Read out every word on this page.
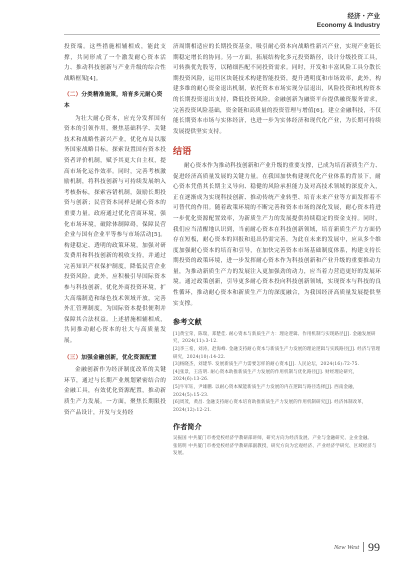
经济・产业
Economy & Industry

投资端。这些措施相辅相成，能此支撑，共同形成了一个激发耐心资本活力、推动科技创新与产业升级的综合性战略框架[4]。

（二）分类精准施策，培育多元耐心资本

为壮大耐心资本，应充分发挥国有资本的引领作用，聚焦基础科学、关键技术和战略性新兴产业，优化布局以服务国家战略目标。探索设置国有资本投资者评价机制，赋予其更大自主权，提高市场化运作效率。同时，完善考核激励机制，将科技创新与可持续发展纳入考核指标，探索容错机制，鼓励长期投资与创新；民营资本同样是耐心资本的重要力量。政府通过优化营商环境，强化市场环境，破除体制障碍，保障民营企业与国有企业平等参与市场活动[5]。构建稳定、透明的政策环境，加强对研发费用和科技创新的税收支持，并通过完善知识产权保护制度，降低民营企业投资风险。此外，应积极引导国际资本参与科技创新，优化外商投资环境，扩大高端制造和绿色技术领域开放，完善外汇管理制度，为国际资本提供便利并保障其合法权益。上述措施相辅相成，共同推动耐心资本的壮大与高质量发展。

（三）加强金融创新，优化资源配置

金融创新作为经济制度改革的关键环节，通过与长期产业规划紧密结合的金融工具，有效优化资源配置，推动新质生产力发展。一方面，聚焦长期限投资产品设计，开发与支持经

济周期相适应的长期投资基金，吸引耐心资本向战略性新兴产业，实现产业链长期稳定增长的协同。另一方面，拓展结构化多元投资路径，设计分级投资工具，可转换优先股等，以精细匹配不同投资需求。同时，开发和丰富风险工具分散长期投资风险，运用区块链技术构建智能投资，提升透明度和市场效率，此外，构建多维的耐心资金退出机制，依托资本市场实现分层退出，风险投资和机构资本的长期投资退出支持，降低投资风险。金融创新为融资平台提供融资服务需求，完善投资风险基础，资金链和高质量的投资管理与增值[6]。建立金融科技，不仅能长期资本市场与实体经济，也进一步为实体经济和现代化产业，为长期可持续发展提供坚实支持。

结语

耐心资本作为推动科技创新和产业升级的重要支撑，已成为培育新质生产力、促进经济高质量发展的关键力量。在我国加快构建现代化产业体系的背景下，耐心资本凭借其长期主义导向、稳健的风险承担能力及对高技术领域的深度介入，正在逐渐成为实现科技创新、推动传统产业转型、培育未来产业等方面发挥着不可替代的作用。随着政策环境的不断完善和资本市场的深化发展，耐心资本将进一步优化资源配置效率，为新质生产力的发展提供持续稳定的资金支持。同时，我们应当清醒地认识到，当前耐心资本在科技创新领域，培育新质生产力方面仍存在短板，耐心资本的回报和退出仍需完善，为此在未来的发展中，应从多个维度加强耐心资本的培育和引导，在加快完善资本市场基础制度体系，构建支持长期投资的政策环境，进一步发挥耐心资本作为科技创新和产业升级的重要推动力量，为推动新质生产力的发展注入更加强劲的动力，应当着力营造更好的发展环境。通过政策创新，引导更多耐心资本投向科技创新领域，实现资本与科技的良性循环，推动耐心资本和新质生产力的深度融合，为我国经济高质量发展提供坚实支撑。

参考文献
[1]黄宝荣，陈瑞，郑楚佳. 耐心资本与新质生产力：理论逻辑、作用机制与实现路径[J]. 金融发展研究，2024(11):3-12.
[2]李三希，刘涛，赵海峰. 金融支持耐心资本与新质生产力发展的理论逻辑与实践路径[J]. 经济与管理研究，2024(10):14-22.
[3]杨晓杰，刘建华. 发展新质生产力需要怎样的耐心资本[J]. 人民论坛，2024(16):72-75.
[4]张景，王洁明. 耐心资本助推新质生产力发展的作用机制与优化路径[J]. 财经理论研究，2024(6):13-26.
[5]牛军钰，尹雄鹏. 以耐心资本赋能新质生产力发展的内在逻辑与路径选择[J]. 西南金融，2024(5):15-23.
[6]周茂，黄昌. 金融支持耐心资本培育助推新质生产力发展的作用机制研究[J]. 经济体制改革，2024(12):12-21.
作者简介
吴振国 中共厦门市委党校经济学教研部讲师，研究方向为经济发展、产业与金融研究、企业金融。
张铭明 中共厦门市委党校经济学教研部副教授，研究方向为宏观经济、产业经济学研究、区域经济与发展。
New West 99
